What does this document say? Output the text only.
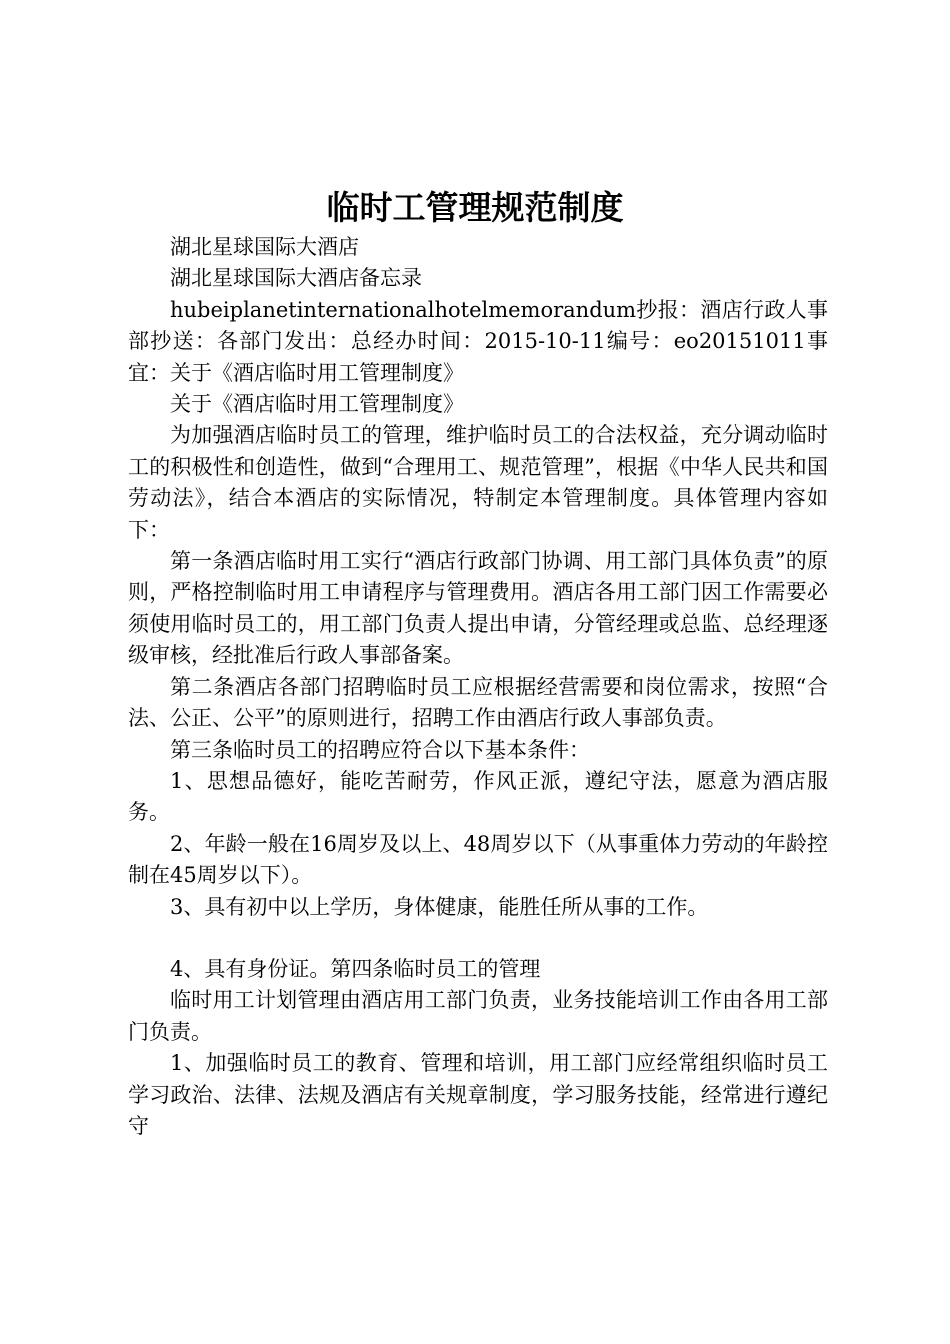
临时工管理规范制度

湖北星球国际大酒店

湖北星球国际大酒店备忘录

hubeiplanetinternationalhotelmemorandum抄报：酒店行政人事部抄送：各部门发出：总经办时间：2015-10-11编号：eo20151011事宜：关于《酒店临时用工管理制度》

关于《酒店临时用工管理制度》

为加强酒店临时员工的管理，维护临时员工的合法权益，充分调动临时工的积极性和创造性，做到“合理用工、规范管理”，根据《中华人民共和国劳动法》，结合本酒店的实际情况，特制定本管理制度。具体管理内容如下：

第一条酒店临时用工实行“酒店行政部门协调、用工部门具体负责”的原则，严格控制临时用工申请程序与管理费用。酒店各用工部门因工作需要必须使用临时员工的，用工部门负责人提出申请，分管经理或总监、总经理逐级审核，经批准后行政人事部备案。

第二条酒店各部门招聘临时员工应根据经营需要和岗位需求，按照“合法、公正、公平”的原则进行，招聘工作由酒店行政人事部负责。

第三条临时员工的招聘应符合以下基本条件：

1、思想品德好，能吃苦耐劳，作风正派，遵纪守法，愿意为酒店服务。

2、年龄一般在16周岁及以上、48周岁以下（从事重体力劳动的年龄控制在45周岁以下）。

3、具有初中以上学历，身体健康，能胜任所从事的工作。

4、具有身份证。第四条临时员工的管理

临时用工计划管理由酒店用工部门负责，业务技能培训工作由各用工部门负责。

1、加强临时员工的教育、管理和培训，用工部门应经常组织临时员工学习政治、法律、法规及酒店有关规章制度，学习服务技能，经常进行遵纪守
